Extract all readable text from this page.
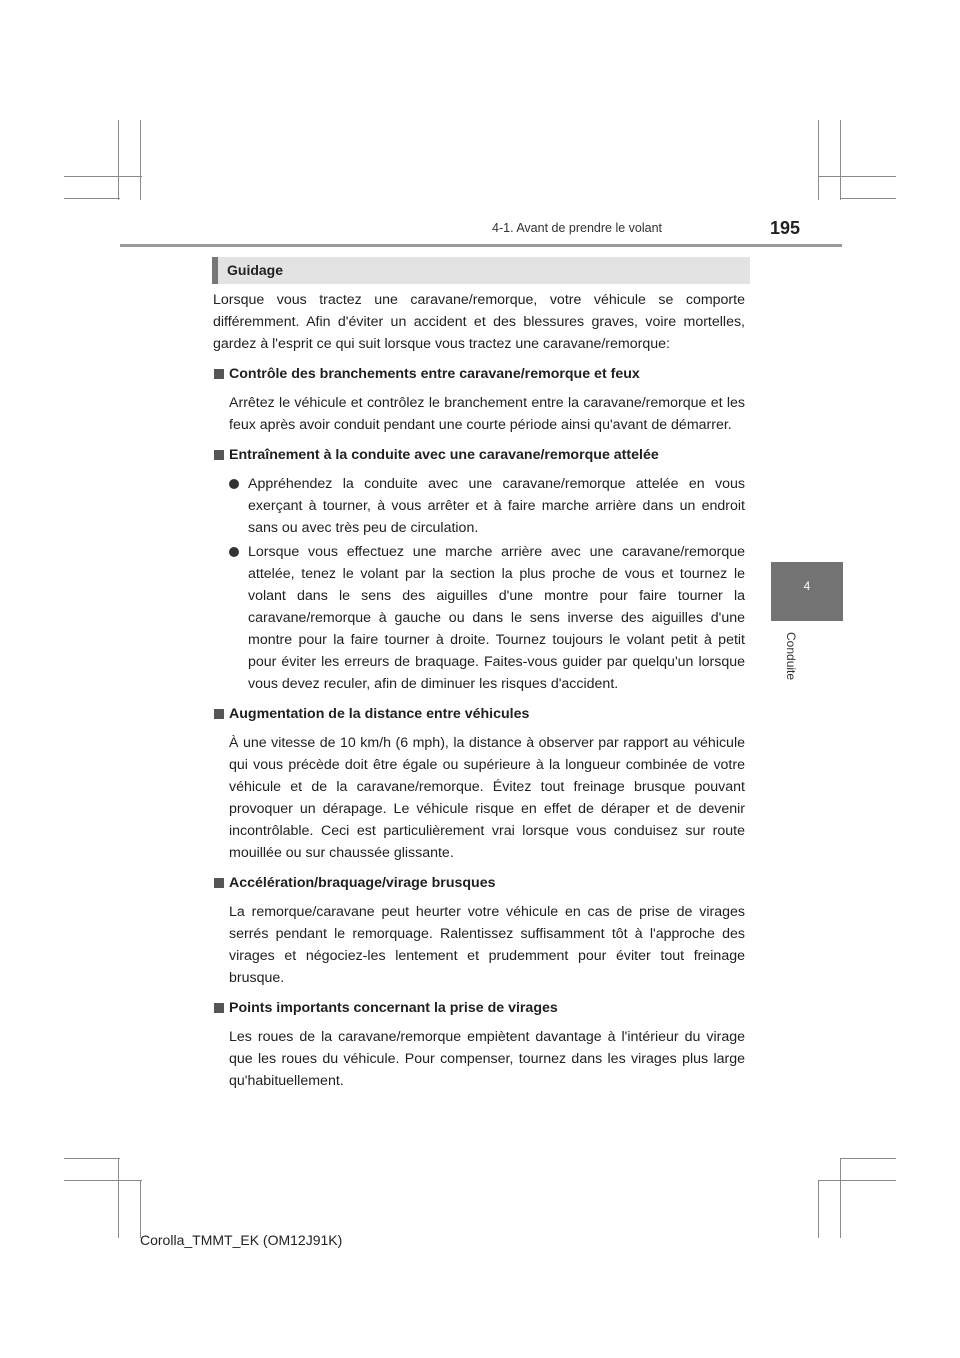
4-1. Avant de prendre le volant	195
4
Conduite
Guidage

Lorsque vous tractez une caravane/remorque, votre véhicule se comporte différemment. Afin d'éviter un accident et des blessures graves, voire mortelles, gardez à l'esprit ce qui suit lorsque vous tractez une caravane/remorque:

Contrôle des branchements entre caravane/remorque et feux

Arrêtez le véhicule et contrôlez le branchement entre la caravane/remorque et les feux après avoir conduit pendant une courte période ainsi qu'avant de démarrer.

Entraînement à la conduite avec une caravane/remorque attelée
Appréhendez la conduite avec une caravane/remorque attelée en vous exerçant à tourner, à vous arrêter et à faire marche arrière dans un endroit sans ou avec très peu de circulation.
Lorsque vous effectuez une marche arrière avec une caravane/remorque attelée, tenez le volant par la section la plus proche de vous et tournez le volant dans le sens des aiguilles d'une montre pour faire tourner la caravane/remorque à gauche ou dans le sens inverse des aiguilles d'une montre pour la faire tourner à droite. Tournez toujours le volant petit à petit pour éviter les erreurs de braquage. Faites-vous guider par quelqu'un lorsque vous devez reculer, afin de diminuer les risques d'accident.
Augmentation de la distance entre véhicules

À une vitesse de 10 km/h (6 mph), la distance à observer par rapport au véhicule qui vous précède doit être égale ou supérieure à la longueur combinée de votre véhicule et de la caravane/remorque. Évitez tout freinage brusque pouvant provoquer un dérapage. Le véhicule risque en effet de déraper et de devenir incontrôlable. Ceci est particulièrement vrai lorsque vous conduisez sur route mouillée ou sur chaussée glissante.

Accélération/braquage/virage brusques

La remorque/caravane peut heurter votre véhicule en cas de prise de virages serrés pendant le remorquage. Ralentissez suffisamment tôt à l'approche des virages et négociez-les lentement et prudemment pour éviter tout freinage brusque.

Points importants concernant la prise de virages

Les roues de la caravane/remorque empiètent davantage à l'intérieur du virage que les roues du véhicule. Pour compenser, tournez dans les virages plus large qu'habituellement.

Corolla_TMMT_EK (OM12J91K)
